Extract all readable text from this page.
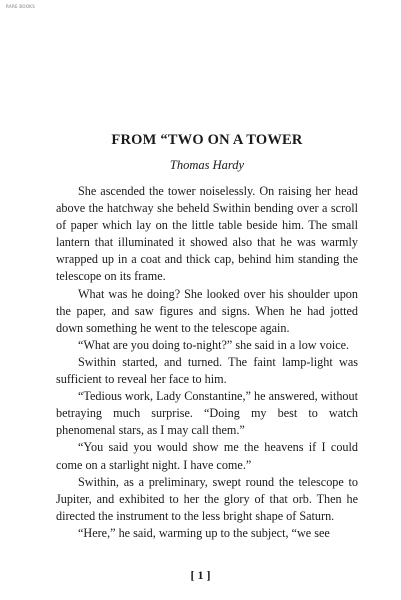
RARE BOOKS
FROM “TWO ON A TOWER
Thomas Hardy

She ascended the tower noiselessly. On raising her head above the hatchway she beheld Swithin bending over a scroll of paper which lay on the little table beside him. The small lantern that illuminated it showed also that he was warmly wrapped up in a coat and thick cap, behind him standing the telescope on its frame.

What was he doing? She looked over his shoulder upon the paper, and saw figures and signs. When he had jotted down something he went to the telescope again.

“What are you doing to-night?” she said in a low voice.

Swithin started, and turned. The faint lamp-light was sufficient to reveal her face to him.

“Tedious work, Lady Constantine,” he answered, without betraying much surprise. “Doing my best to watch phenomenal stars, as I may call them.”

“You said you would show me the heavens if I could come on a starlight night. I have come.”

Swithin, as a preliminary, swept round the telescope to Jupiter, and exhibited to her the glory of that orb. Then he directed the instrument to the less bright shape of Saturn.

“Here,” he said, warming up to the subject, “we see

[ 1 ]
